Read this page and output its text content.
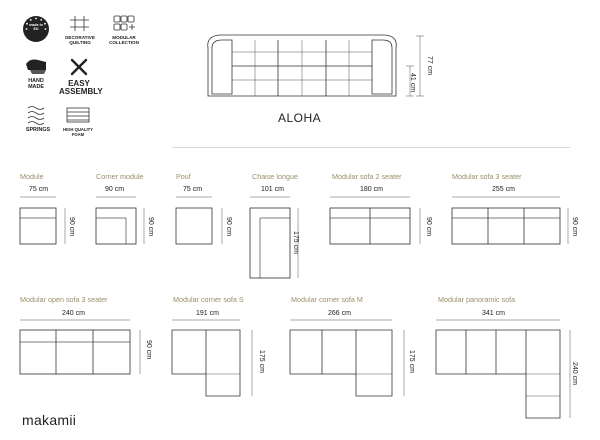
made in
EU
DECORATIVE
QUILTING
MODULAR
COLLECTION
HAND
MADE	EASY
ASSEMBLY
SPRINGS	HIGH QUALITY
FOAM
77 cm
41 cm
ALOHA
Module
75 cm
90 cm
Corner module
90 cm
90 cm
Pouf
75 cm
90 cm
Chaise longue
101 cm
175 cm
Modular sofa 2 seater
180 cm
90 cm
Modular sofa 3 seater
255 cm
90 cm
Modular open sofa 3 seater
240 cm
90 cm
Modular corner sofa S
191 cm
175 cm
Modular corner sofa M
266 cm
175 cm
Modular panoramic sofa
341 cm
240 cm
makamii
